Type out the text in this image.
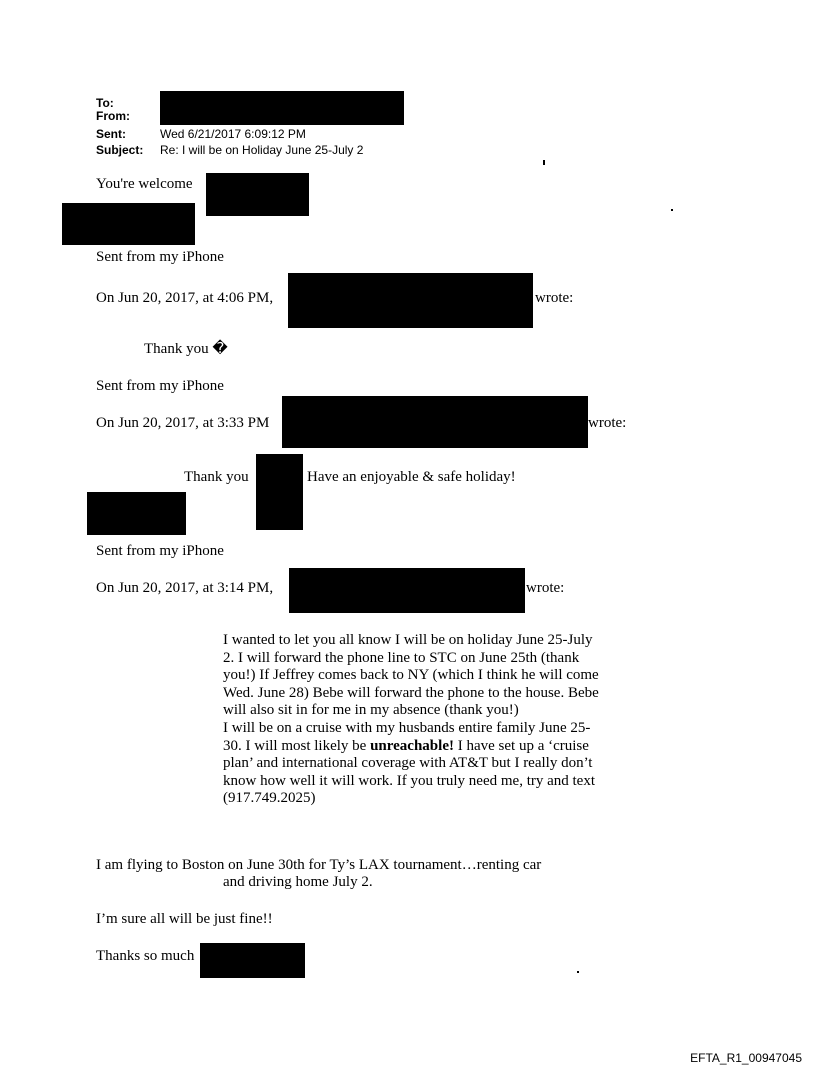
To:
From:
Sent:	Wed 6/21/2017 6:09:12 PM
Subject: Re: I will be on Holiday June 25-July 2
You're welcome
Sent from my iPhone
On Jun 20, 2017, at 4:06 PM,	wrote:
Thank you �
Sent from my iPhone
On Jun 20, 2017, at 3:33 PM	wrote:
Thank you	Have an enjoyable & safe holiday!
Sent from my iPhone
On Jun 20, 2017, at 3:14 PM,	wrote:

I wanted to let you all know I will be on holiday June 25-July 2. I will forward the phone line to STC on June 25th (thank you!) If Jeffrey comes back to NY (which I think he will come Wed. June 28) Bebe will forward the phone to the house. Bebe will also sit in for me in my absence (thank you!)

I will be on a cruise with my husbands entire family June 25-30. I will most likely be unreachable! I have set up a ‘cruise plan’ and international coverage with AT&T but I really don’t know how well it will work. If you truly need me, try and text (917.749.2025)

I am flying to Boston on June 30th for Ty’s LAX tournament…renting car
and driving home July 2.
I’m sure all will be just fine!!
Thanks so much
EFTA_R1_00947045
